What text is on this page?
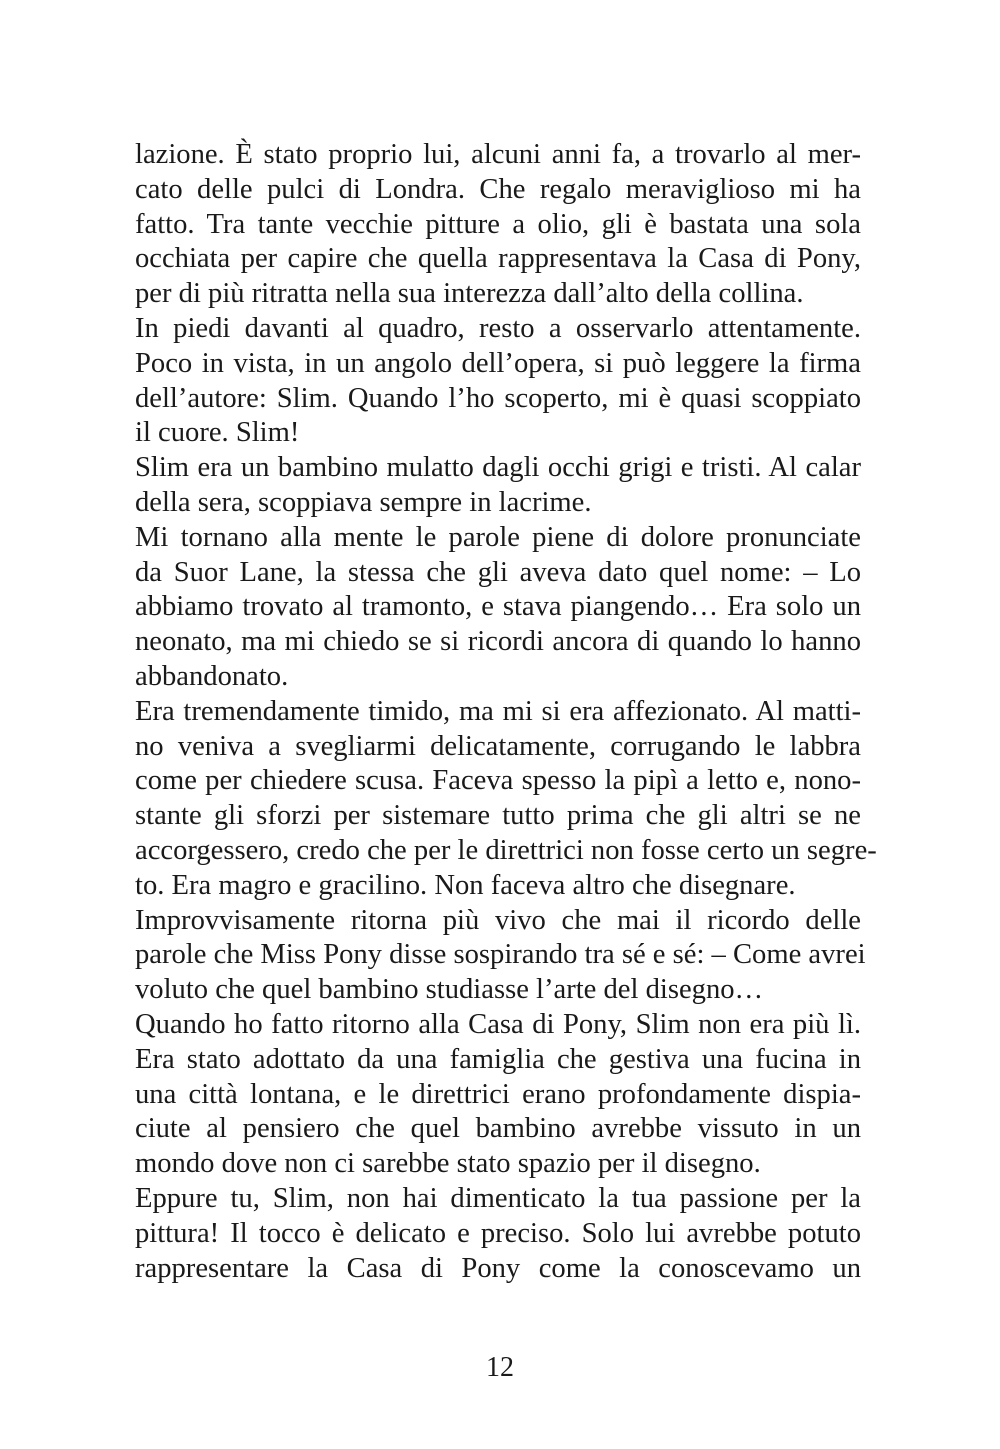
lazione. È stato proprio lui, alcuni anni fa, a trovarlo al mer-
cato delle pulci di Londra. Che regalo meraviglioso mi ha
fatto. Tra tante vecchie pitture a olio, gli è bastata una sola
occhiata per capire che quella rappresentava la Casa di Pony,
per di più ritratta nella sua interezza dall’alto della collina.
In piedi davanti al quadro, resto a osservarlo attentamente.
Poco in vista, in un angolo dell’opera, si può leggere la firma
dell’autore: Slim. Quando l’ho scoperto, mi è quasi scoppiato
il cuore. Slim!
Slim era un bambino mulatto dagli occhi grigi e tristi. Al calar
della sera, scoppiava sempre in lacrime.
Mi tornano alla mente le parole piene di dolore pronunciate
da Suor Lane, la stessa che gli aveva dato quel nome: – Lo
abbiamo trovato al tramonto, e stava piangendo… Era solo un
neonato, ma mi chiedo se si ricordi ancora di quando lo hanno
abbandonato.
Era tremendamente timido, ma mi si era affezionato. Al matti-
no veniva a svegliarmi delicatamente, corrugando le labbra
come per chiedere scusa. Faceva spesso la pipì a letto e, nono-
stante gli sforzi per sistemare tutto prima che gli altri se ne
accorgessero, credo che per le direttrici non fosse certo un segre-
to. Era magro e gracilino. Non faceva altro che disegnare.
Improvvisamente ritorna più vivo che mai il ricordo delle
parole che Miss Pony disse sospirando tra sé e sé: – Come avrei
voluto che quel bambino studiasse l’arte del disegno…
Quando ho fatto ritorno alla Casa di Pony, Slim non era più lì.
Era stato adottato da una famiglia che gestiva una fucina in
una città lontana, e le direttrici erano profondamente dispia-
ciute al pensiero che quel bambino avrebbe vissuto in un
mondo dove non ci sarebbe stato spazio per il disegno.
Eppure tu, Slim, non hai dimenticato la tua passione per la
pittura! Il tocco è delicato e preciso. Solo lui avrebbe potuto
rappresentare la Casa di Pony come la conoscevamo un
12
